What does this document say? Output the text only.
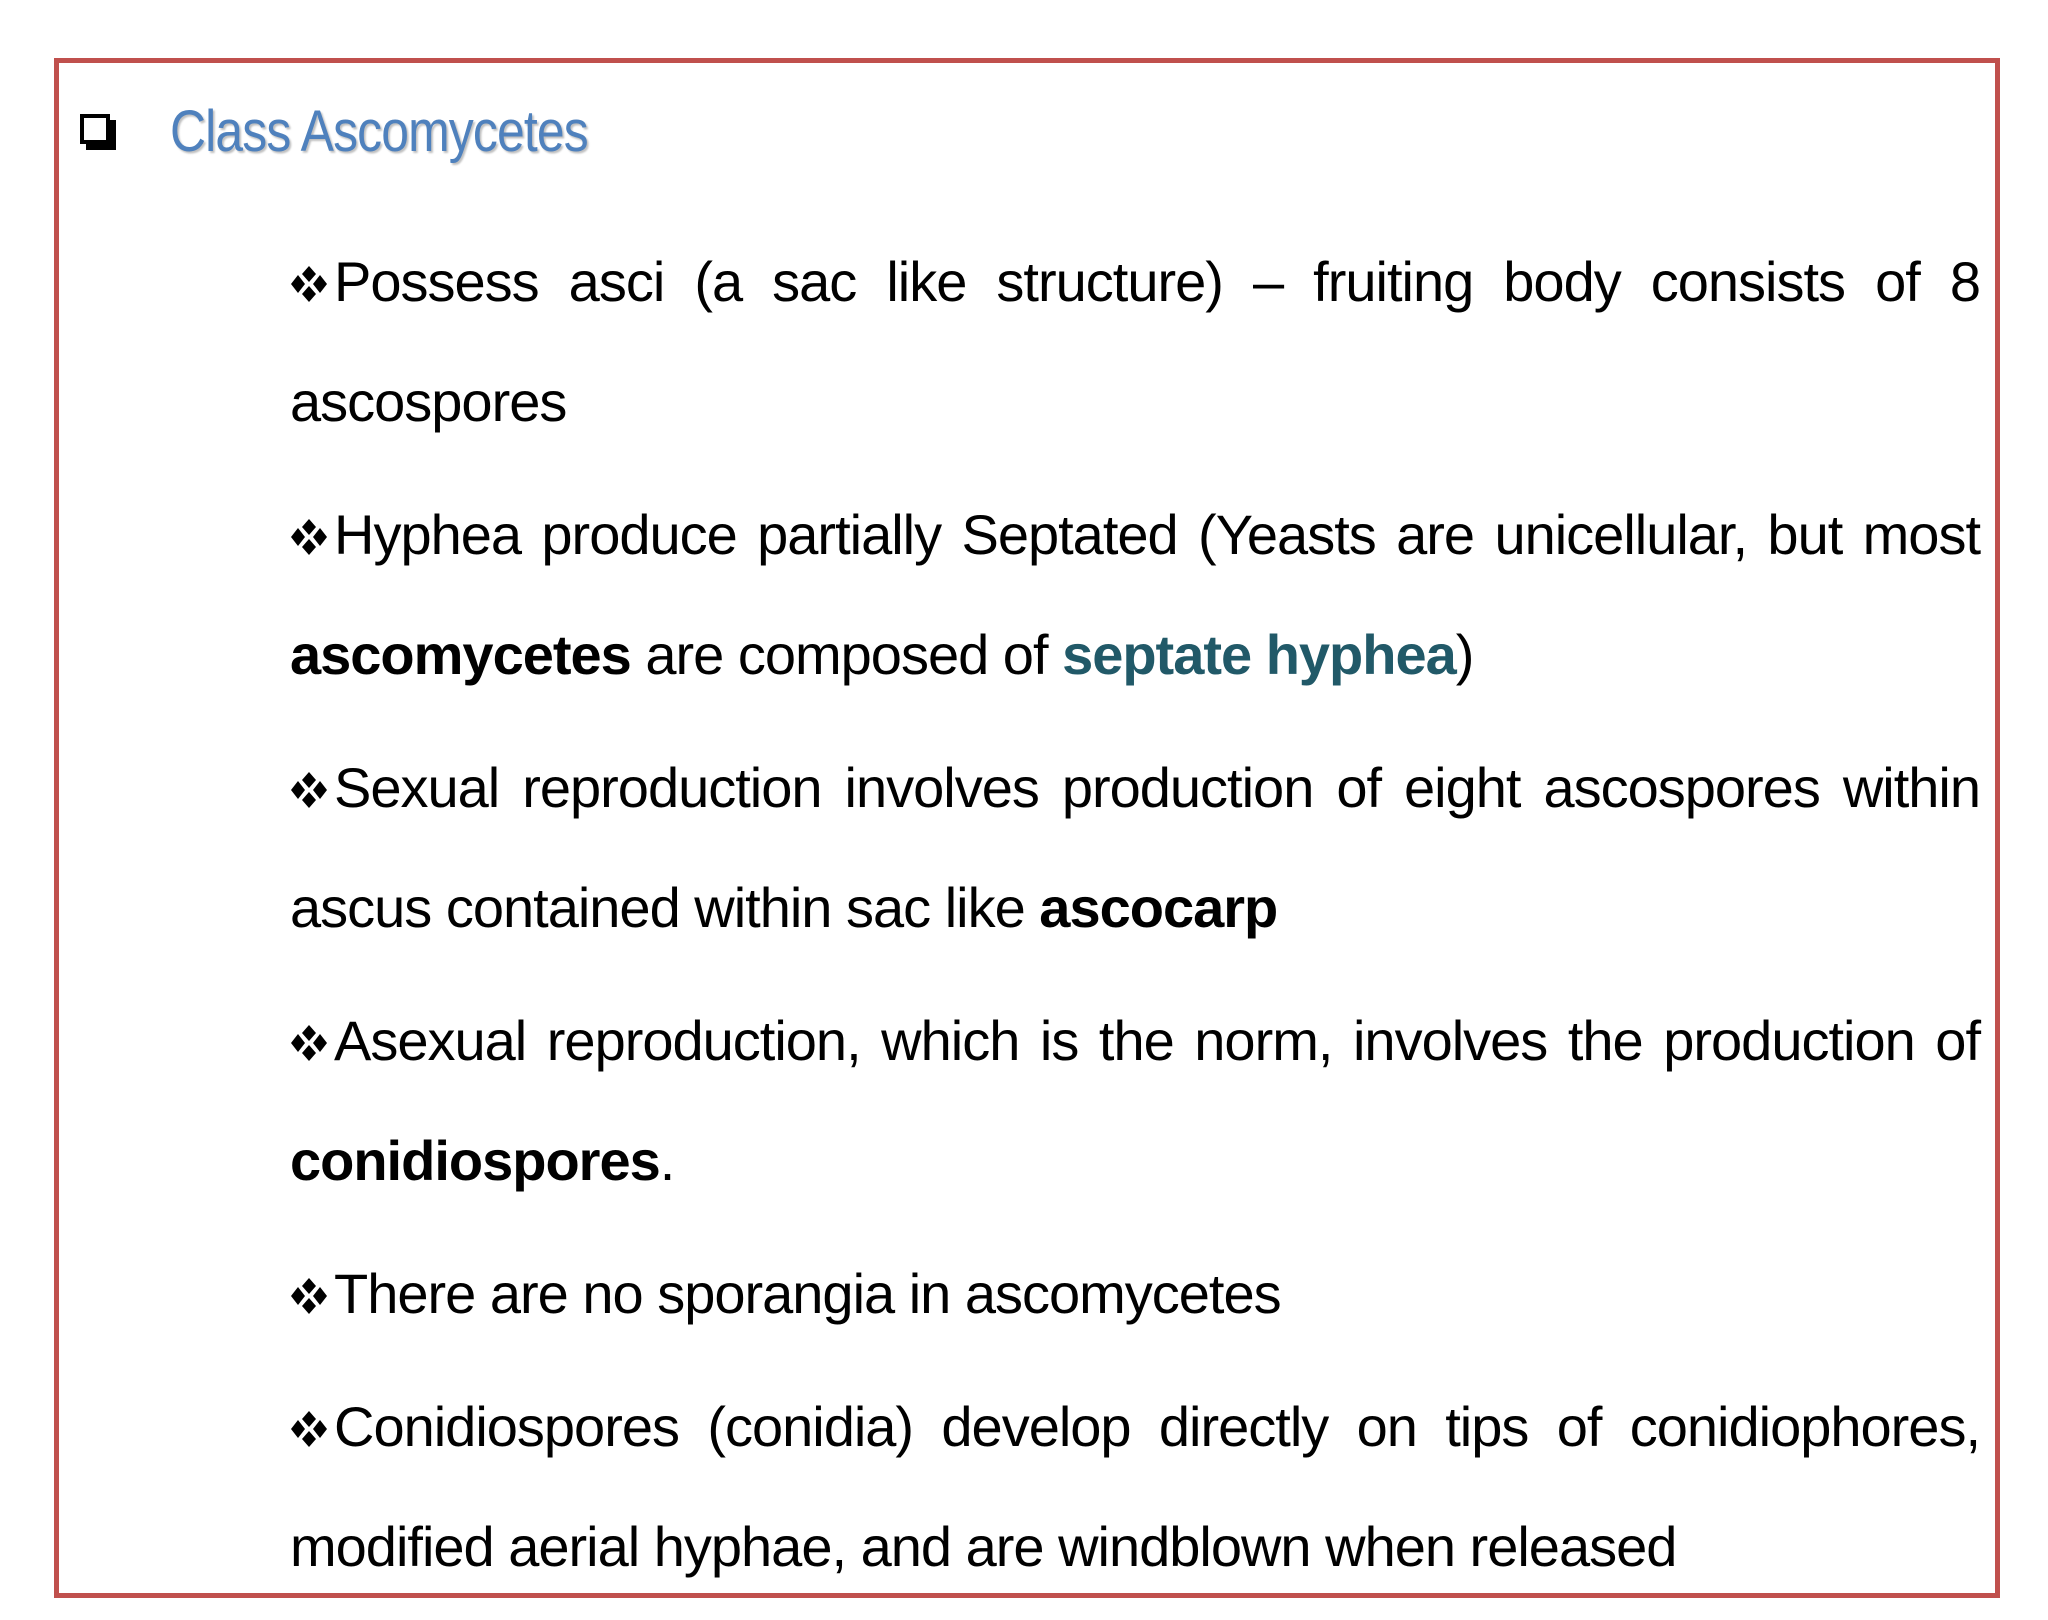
Class Ascomycetes
Possess asci (a sac like structure) – fruiting body consists of 8
ascospores
Hyphea produce partially Septated (Yeasts are unicellular, but most
ascomycetes are composed of septate hyphea)
Sexual reproduction involves production of eight ascospores within
ascus contained within sac like ascocarp
Asexual reproduction, which is the norm, involves the production of
conidiospores.
There are no sporangia in ascomycetes
Conidiospores (conidia) develop directly on tips of conidiophores,
modified aerial hyphae, and are windblown when released
